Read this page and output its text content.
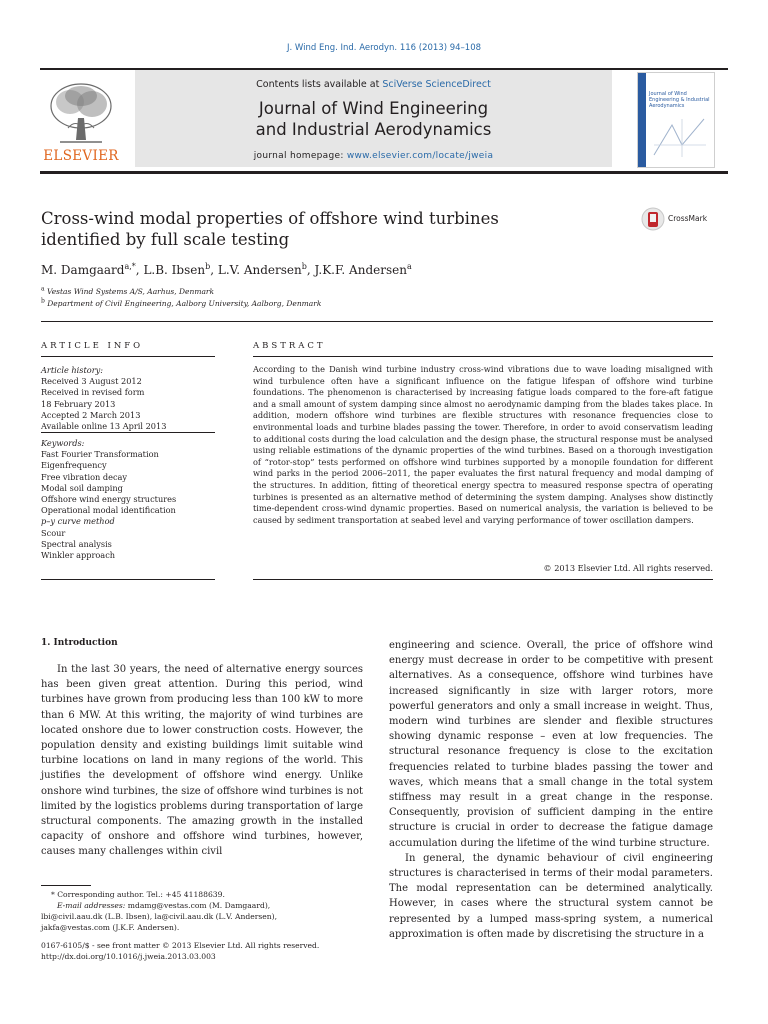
J. Wind Eng. Ind. Aerodyn. 116 (2013) 94–108
Contents lists available at SciVerse ScienceDirect
Journal of Wind Engineering
and Industrial Aerodynamics
journal homepage: www.elsevier.com/locate/jweia
ELSEVIER
Journal of Wind Engineering & Industrial Aerodynamics
CrossMark
Cross-wind modal properties of offshore wind turbines
identified by full scale testing
M. Damgaard$^{a,*}$, L.B. Ibsen$^b$, L.V. Andersen$^b$, J.K.F. Andersen$^a$
$^a$ Vestas Wind Systems A/S, Aarhus, Denmark
$^b$ Department of Civil Engineering, Aalborg University, Aalborg, Denmark
ARTICLE INFO	ABSTRACT
Article history:
Received 3 August 2012
Received in revised form
18 February 2013
Accepted 2 March 2013
Available online 13 April 2013
Keywords:
Fast Fourier Transformation
Eigenfrequency
Free vibration decay
Modal soil damping
Offshore wind energy structures
Operational modal identification
p–y curve method
Scour
Spectral analysis
Winkler approach
According to the Danish wind turbine industry cross-wind vibrations due to wave loading misaligned with wind turbulence often have a significant influence on the fatigue lifespan of offshore wind turbine foundations. The phenomenon is characterised by increasing fatigue loads compared to the fore-aft fatigue and a small amount of system damping since almost no aerodynamic damping from the blades takes place. In addition, modern offshore wind turbines are flexible structures with resonance frequencies close to environmental loads and turbine blades passing the tower. Therefore, in order to avoid conservatism leading to additional costs during the load calculation and the design phase, the structural response must be analysed using reliable estimations of the dynamic properties of the wind turbines. Based on a thorough investigation of “rotor-stop” tests performed on offshore wind turbines supported by a monopile foundation for different wind parks in the period 2006–2011, the paper evaluates the first natural frequency and modal damping of the structures. In addition, fitting of theoretical energy spectra to measured response spectra of operating turbines is presented as an alternative method of determining the system damping. Analyses show distinctly time-dependent cross-wind dynamic properties. Based on numerical analysis, the variation is believed to be caused by sediment transportation at seabed level and varying performance of tower oscillation dampers.
© 2013 Elsevier Ltd. All rights reserved.
1. Introduction

In the last 30 years, the need of alternative energy sources has been given great attention. During this period, wind turbines have grown from producing less than 100 kW to more than 6 MW. At this writing, the majority of wind turbines are located onshore due to lower construction costs. However, the population density and existing buildings limit suitable wind turbine locations on land in many regions of the world. This justifies the development of offshore wind energy. Unlike onshore wind turbines, the size of offshore wind turbines is not limited by the logistics problems during transportation of large structural components. The amazing growth in the installed capacity of onshore and offshore wind turbines, however, causes many challenges within civil

engineering and science. Overall, the price of offshore wind energy must decrease in order to be competitive with present alternatives. As a consequence, offshore wind turbines have increased significantly in size with larger rotors, more powerful generators and only a small increase in weight. Thus, modern wind turbines are slender and flexible structures showing dynamic response – even at low frequencies. The structural resonance frequency is close to the excitation frequencies related to turbine blades passing the tower and waves, which means that a small change in the total system stiffness may result in a great change in the response. Consequently, provision of sufficient damping in the entire structure is crucial in order to decrease the fatigue damage accumulation during the lifetime of the wind turbine structure.

In general, the dynamic behaviour of civil engineering structures is characterised in terms of their modal parameters. The modal representation can be determined analytically. However, in cases where the structural system cannot be represented by a lumped mass-spring system, a numerical approximation is often made by discretising the structure in a

* Corresponding author. Tel.: +45 41188639.
E-mail addresses: mdamg@vestas.com (M. Damgaard),
lbi@civil.aau.dk (L.B. Ibsen), la@civil.aau.dk (L.V. Andersen),
jakfa@vestas.com (J.K.F. Andersen).
0167-6105/$ - see front matter © 2013 Elsevier Ltd. All rights reserved.
http://dx.doi.org/10.1016/j.jweia.2013.03.003
